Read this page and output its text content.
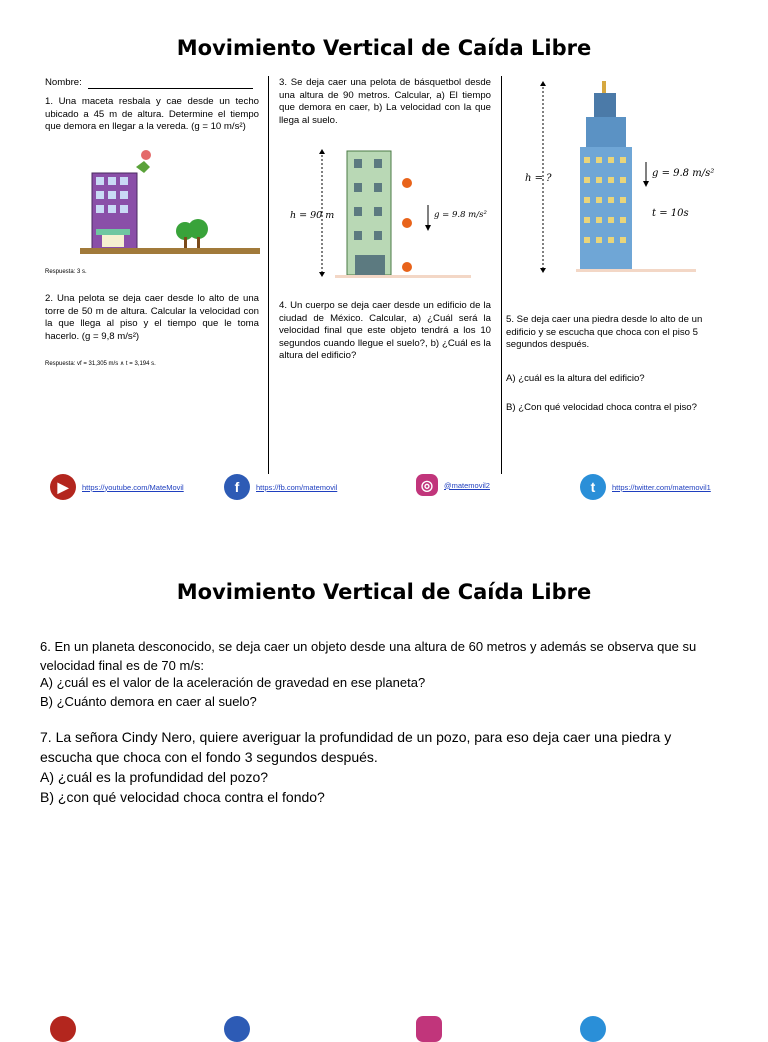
Movimiento Vertical de Caída Libre
Nombre:
1. Una maceta resbala y cae desde un techo ubicado a 45 m de altura. Determine el tiempo que demora en llegar a la vereda. (g = 10 m/s²)
Respuesta: 3 s.
2. Una pelota se deja caer desde lo alto de una torre de 50 m de altura. Calcular la velocidad con la que llega al piso y el tiempo que le toma hacerlo. (g = 9,8 m/s²)
Respuesta: vf = 31,305 m/s ∧ t = 3,194 s.
3. Se deja caer una pelota de básquetbol desde una altura de 90 metros. Calcular, a) El tiempo que demora en caer, b) La velocidad con la que llega al suelo.
h = 90 m	g = 9.8 m/s²
4. Un cuerpo se deja caer desde un edificio de la ciudad de México. Calcular, a) ¿Cuál será la velocidad final que este objeto tendrá a los 10 segundos cuando llegue el suelo?, b) ¿Cuál es la altura del edificio?
h = ?	g = 9.8 m/s²
t = 10s
5. Se deja caer una piedra desde lo alto de un edificio y se escucha que choca con el piso 5 segundos después.
A) ¿cuál es la altura del edificio?
B) ¿Con qué velocidad choca contra el piso?
▶	https://youtube.com/MateMovil	f	https://fb.com/matemovil	◎	@matemovil2	t	https://twitter.com/matemovil1
Movimiento Vertical de Caída Libre
6. En un planeta desconocido, se deja caer un objeto desde una altura de 60 metros y además se observa que su velocidad final es de 70 m/s:
A) ¿cuál es el valor de la aceleración de gravedad en ese planeta?
B) ¿Cuánto demora en caer al suelo?
7. La señora Cindy Nero, quiere averiguar la profundidad de un pozo, para eso deja caer una piedra y escucha que choca con el fondo 3 segundos después.
A) ¿cuál es la profundidad del pozo?
B) ¿con qué velocidad choca contra el fondo?
